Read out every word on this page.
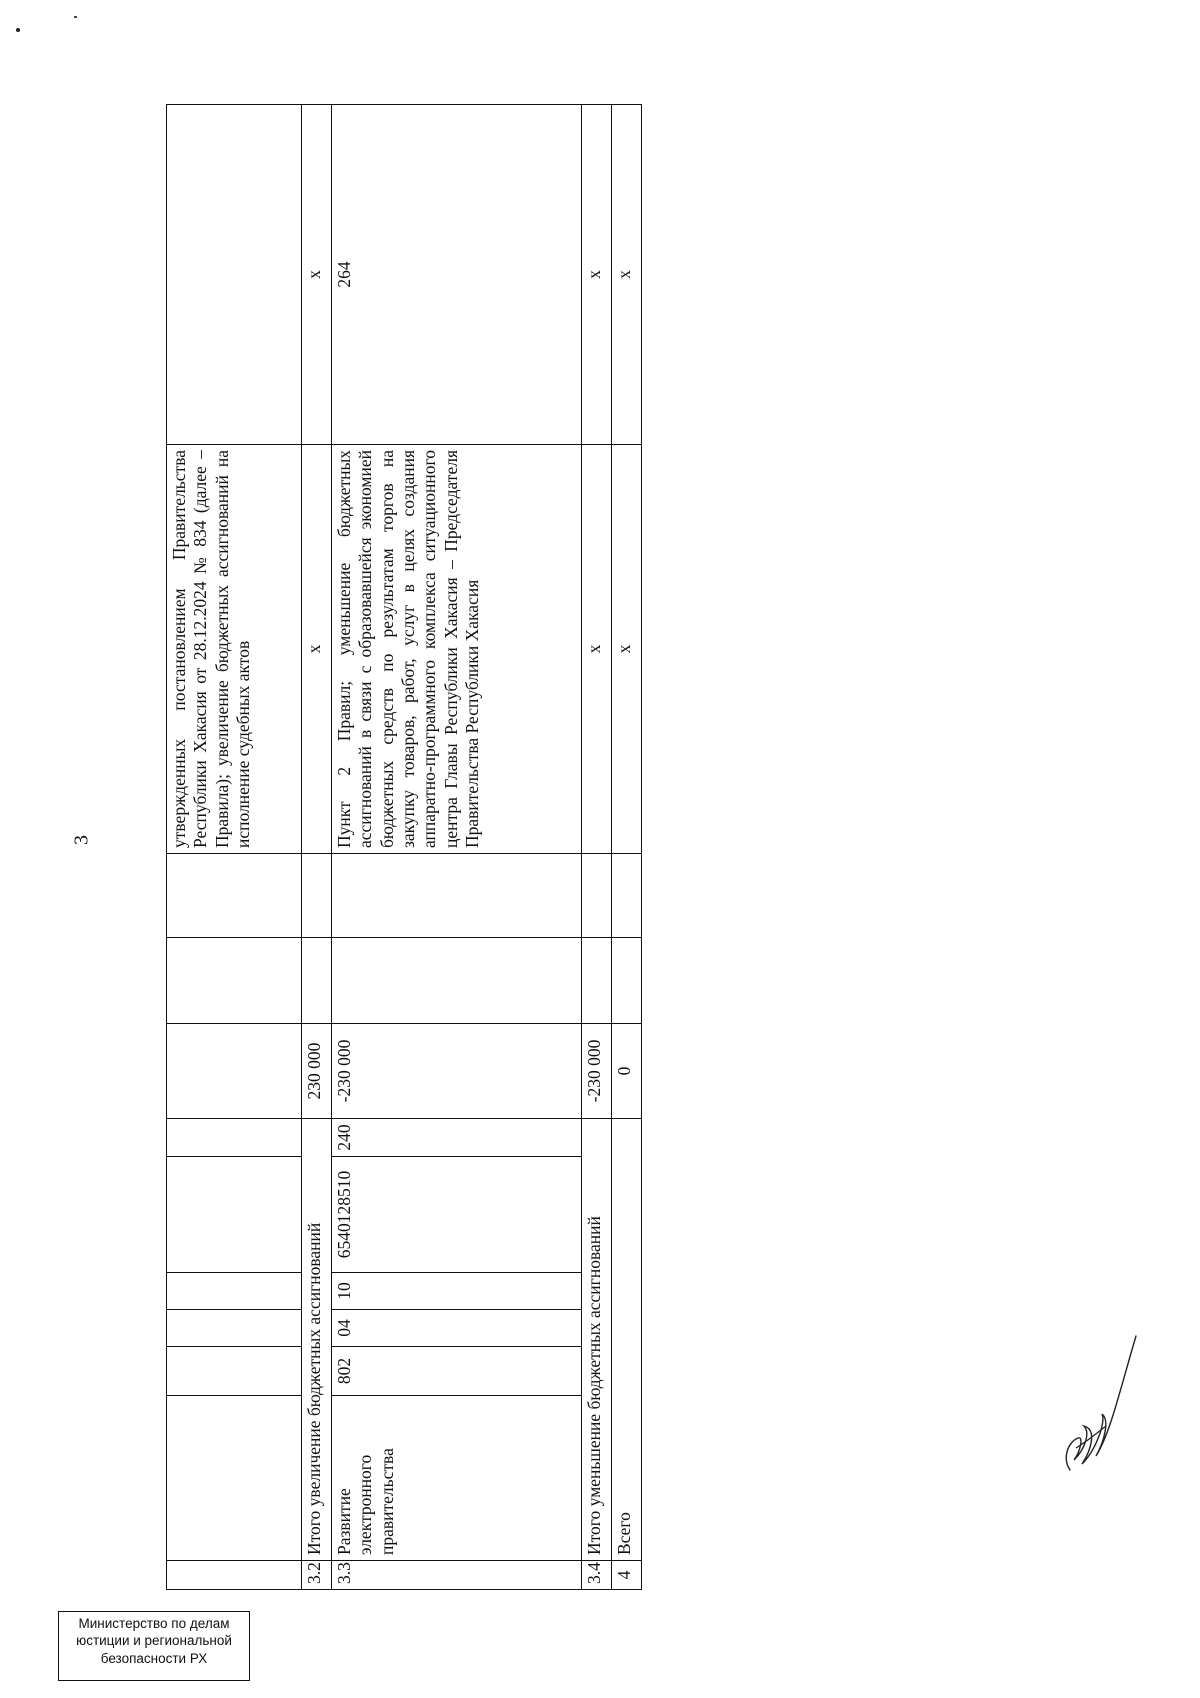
3
											утвержденных постановлением Правительства Республики Хакасия от 28.12.2024 № 834 (далее – Правила); увеличение бюджетных ассигнований на исполнение судебных актов	
3.2	Итого увеличение бюджетных ассигнований						230 000			х	х
3.3	Развитие электронного правительства	802	04	10	6540128510	240	-230 000			Пункт 2 Правил; уменьшение бюджетных ассигнований в связи с образовавшейся экономией бюджетных средств по результатам торгов на закупку товаров, работ, услуг в целях создания аппаратно-программного комплекса ситуационного центра Главы Республики Хакасия – Председателя Правительства Республики Хакасия	264
3.4	Итого уменьшение бюджетных ассигнований						-230 000			х	х
4	Всего						0			х	х
Министерство по делам
юстиции и региональной
безопасности РХ
